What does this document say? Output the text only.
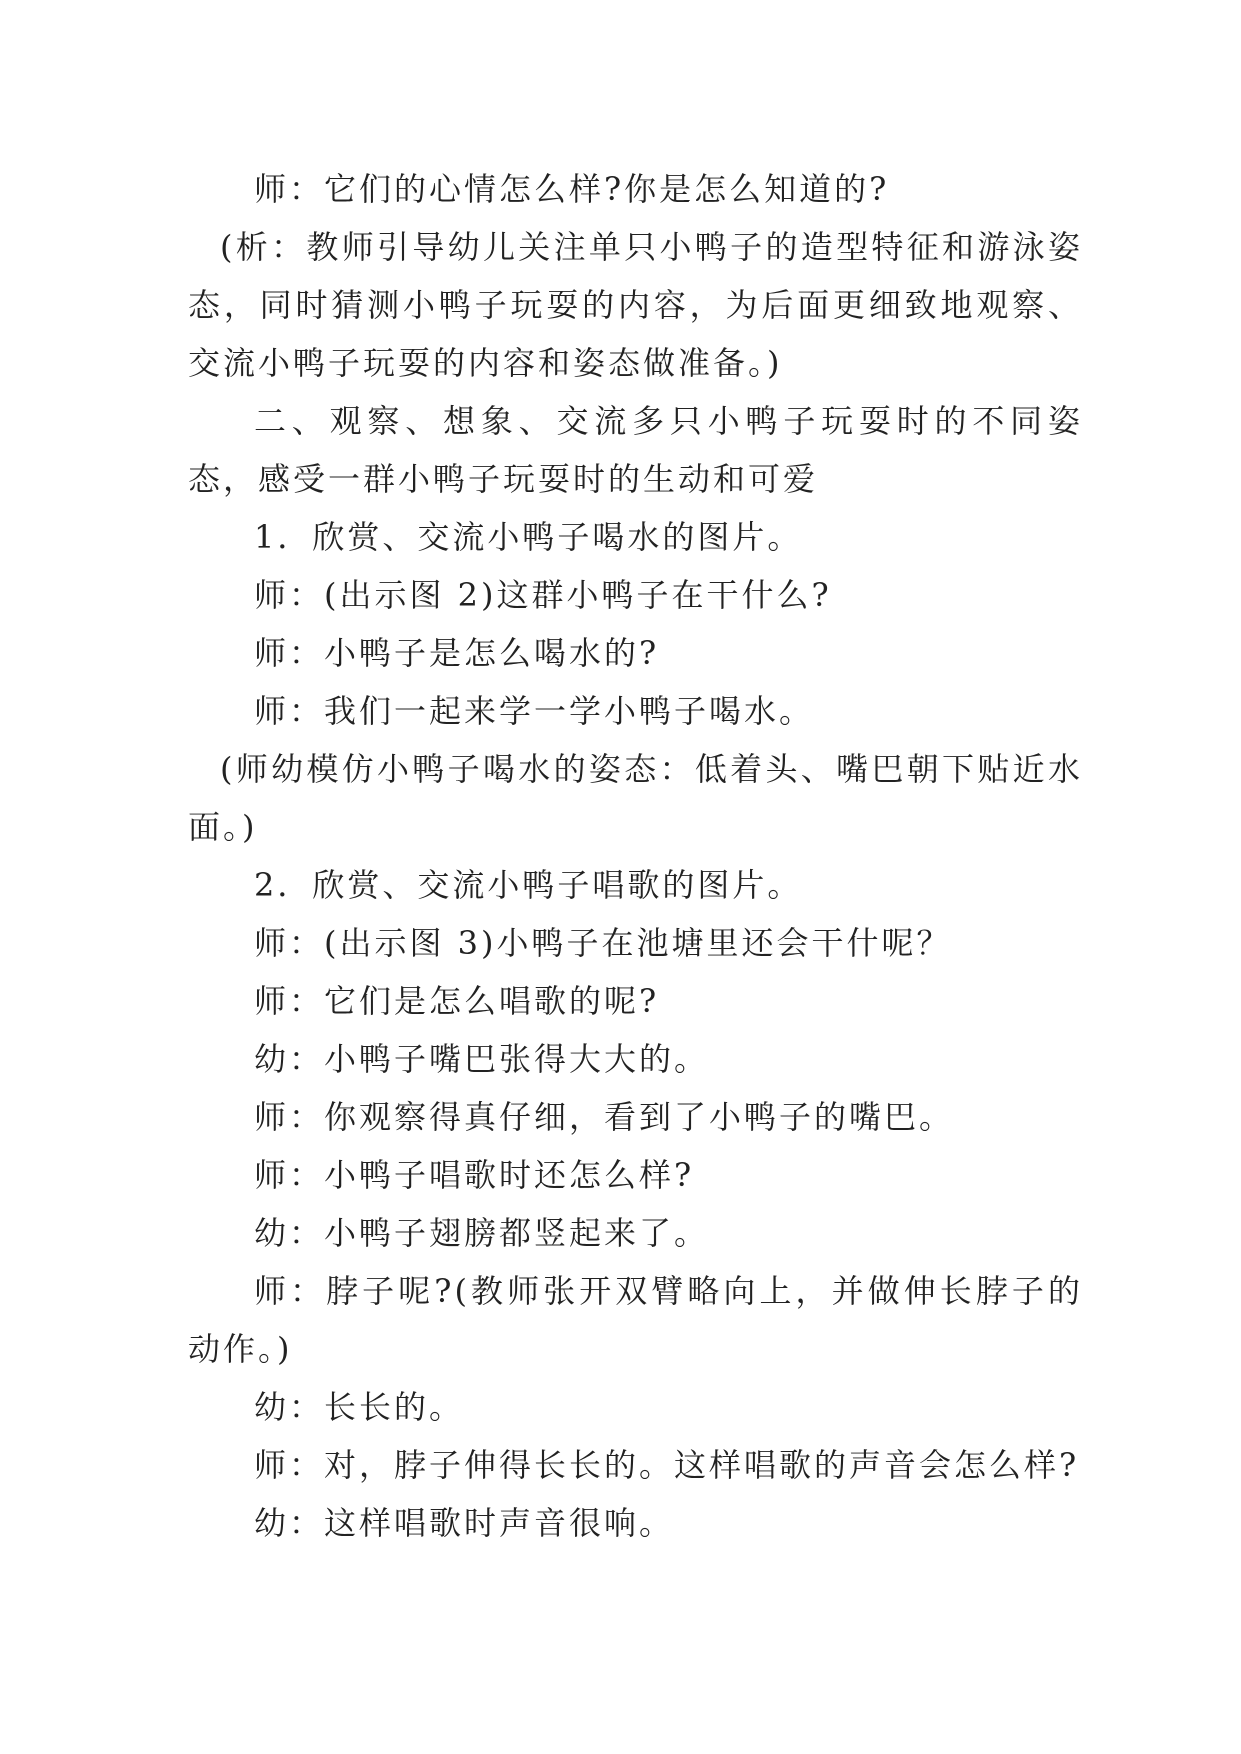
师：它们的心情怎么样?你是怎么知道的?

(析：教师引导幼儿关注单只小鸭子的造型特征和游泳姿态，同时猜测小鸭子玩耍的内容，为后面更细致地观察、交流小鸭子玩耍的内容和姿态做准备。)

二、观察、想象、交流多只小鸭子玩耍时的不同姿态，感受一群小鸭子玩耍时的生动和可爱

1．欣赏、交流小鸭子喝水的图片。

师：(出示图 2)这群小鸭子在干什么?

师：小鸭子是怎么喝水的?

师：我们一起来学一学小鸭子喝水。

(师幼模仿小鸭子喝水的姿态：低着头、嘴巴朝下贴近水面。)

2．欣赏、交流小鸭子唱歌的图片。

师：(出示图 3)小鸭子在池塘里还会干什呢？

师：它们是怎么唱歌的呢?

幼：小鸭子嘴巴张得大大的。

师：你观察得真仔细，看到了小鸭子的嘴巴。

师：小鸭子唱歌时还怎么样?

幼：小鸭子翅膀都竖起来了。

师：脖子呢?(教师张开双臂略向上，并做伸长脖子的动作。)

幼：长长的。

师：对，脖子伸得长长的。这样唱歌的声音会怎么样?

幼：这样唱歌时声音很响。
